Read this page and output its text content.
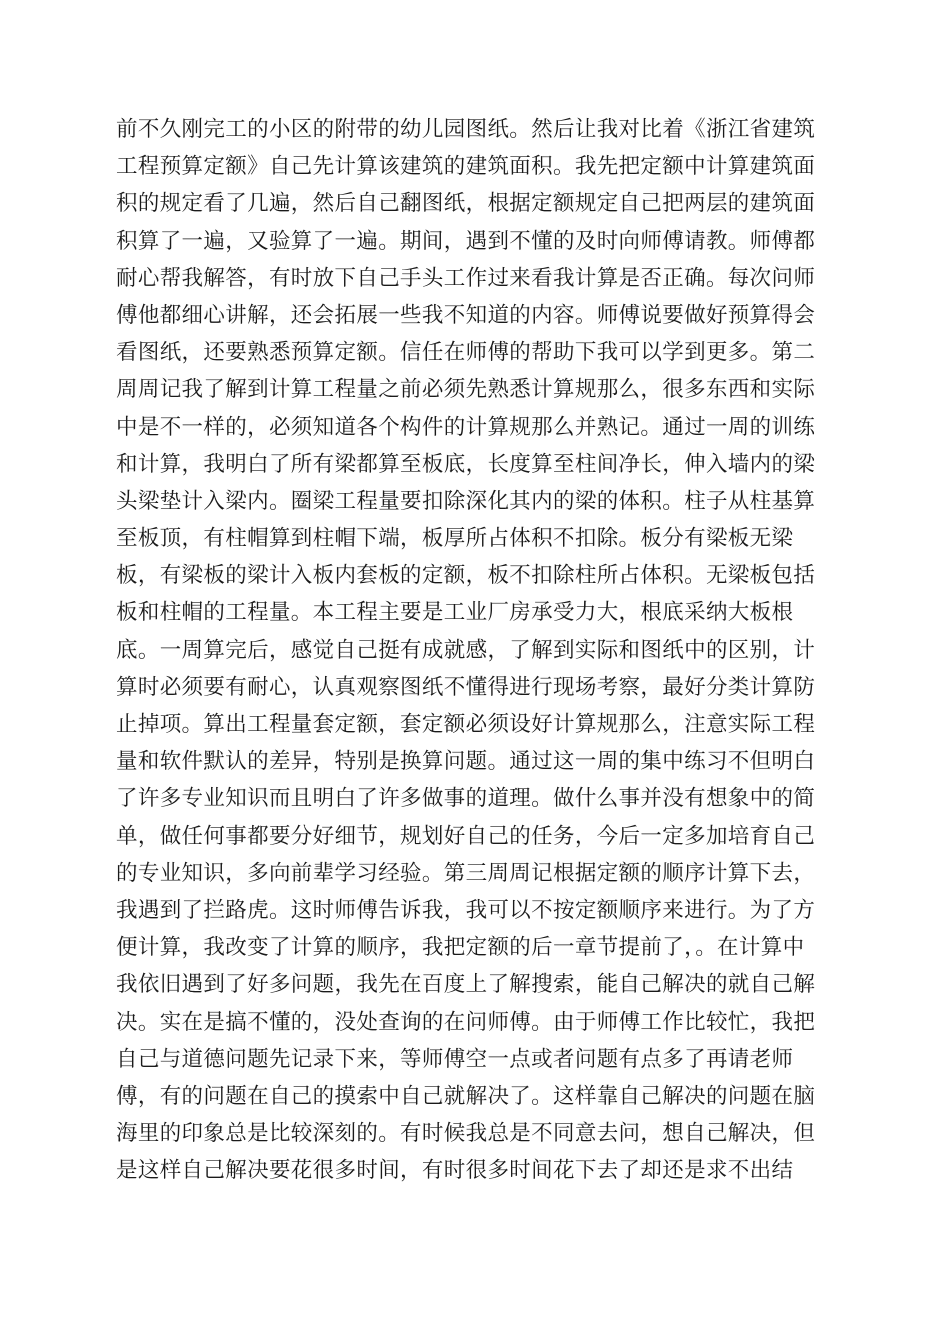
前不久刚完工的小区的附带的幼儿园图纸。然后让我对比着《浙江省建筑
工程预算定额》自己先计算该建筑的建筑面积。我先把定额中计算建筑面
积的规定看了几遍，然后自己翻图纸，根据定额规定自己把两层的建筑面
积算了一遍，又验算了一遍。期间，遇到不懂的及时向师傅请教。师傅都
耐心帮我解答，有时放下自己手头工作过来看我计算是否正确。每次问师
傅他都细心讲解，还会拓展一些我不知道的内容。师傅说要做好预算得会
看图纸，还要熟悉预算定额。信任在师傅的帮助下我可以学到更多。第二
周周记我了解到计算工程量之前必须先熟悉计算规那么，很多东西和实际
中是不一样的，必须知道各个构件的计算规那么并熟记。通过一周的训练
和计算，我明白了所有梁都算至板底，长度算至柱间净长，伸入墙内的梁
头梁垫计入梁内。圈梁工程量要扣除深化其内的梁的体积。柱子从柱基算
至板顶，有柱帽算到柱帽下端，板厚所占体积不扣除。板分有梁板无梁
板，有梁板的梁计入板内套板的定额，板不扣除柱所占体积。无梁板包括
板和柱帽的工程量。本工程主要是工业厂房承受力大，根底采纳大板根
底。一周算完后，感觉自己挺有成就感，了解到实际和图纸中的区别，计
算时必须要有耐心，认真观察图纸不懂得进行现场考察，最好分类计算防
止掉项。算出工程量套定额，套定额必须设好计算规那么，注意实际工程
量和软件默认的差异，特别是换算问题。通过这一周的集中练习不但明白
了许多专业知识而且明白了许多做事的道理。做什么事并没有想象中的简
单，做任何事都要分好细节，规划好自己的任务，今后一定多加培育自己
的专业知识，多向前辈学习经验。第三周周记根据定额的顺序计算下去，
我遇到了拦路虎。这时师傅告诉我，我可以不按定额顺序来进行。为了方
便计算，我改变了计算的顺序，我把定额的后一章节提前了，。在计算中
我依旧遇到了好多问题，我先在百度上了解搜索，能自己解决的就自己解
决。实在是搞不懂的，没处查询的在问师傅。由于师傅工作比较忙，我把
自己与道德问题先记录下来，等师傅空一点或者问题有点多了再请老师
傅，有的问题在自己的摸索中自己就解决了。这样靠自己解决的问题在脑
海里的印象总是比较深刻的。有时候我总是不同意去问，想自己解决，但
是这样自己解决要花很多时间，有时很多时间花下去了却还是求不出结
